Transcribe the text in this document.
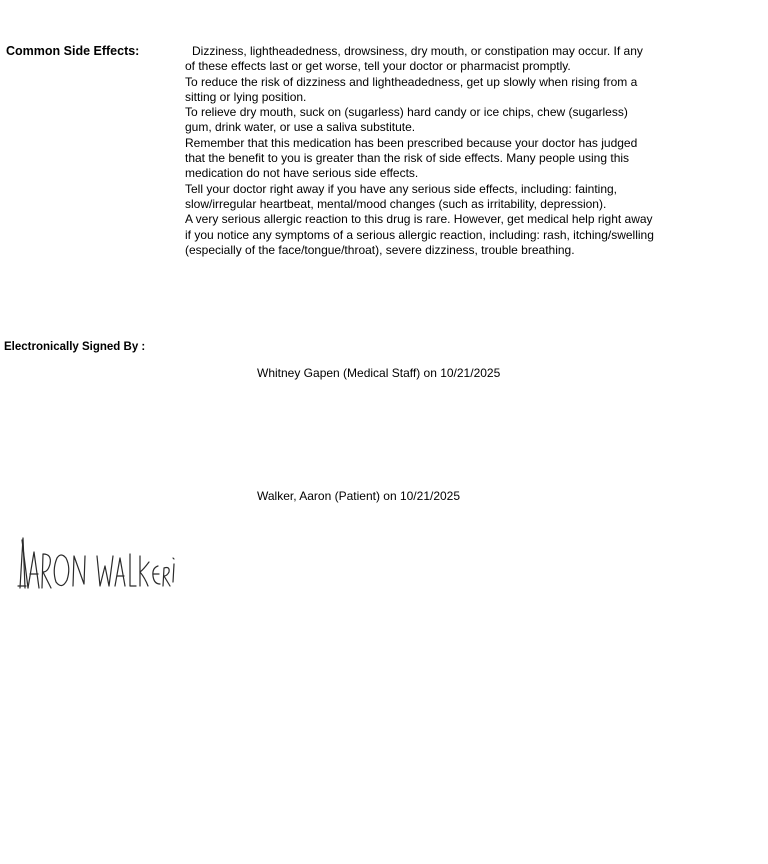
Common Side Effects:	Dizziness, lightheadedness, drowsiness, dry mouth, or constipation may occur. If any of these effects last or get worse, tell your doctor or pharmacist promptly.

To reduce the risk of dizziness and lightheadedness, get up slowly when rising from a sitting or lying position.

To relieve dry mouth, suck on (sugarless) hard candy or ice chips, chew (sugarless) gum, drink water, or use a saliva substitute.

Remember that this medication has been prescribed because your doctor has judged that the benefit to you is greater than the risk of side effects. Many people using this medication do not have serious side effects.

Tell your doctor right away if you have any serious side effects, including: fainting, slow/irregular heartbeat, mental/mood changes (such as irritability, depression).

A very serious allergic reaction to this drug is rare. However, get medical help right away if you notice any symptoms of a serious allergic reaction, including: rash, itching/swelling (especially of the face/tongue/throat), severe dizziness, trouble breathing.

Electronically Signed By :
Whitney Gapen (Medical Staff) on 10/21/2025
Walker, Aaron (Patient) on 10/21/2025
